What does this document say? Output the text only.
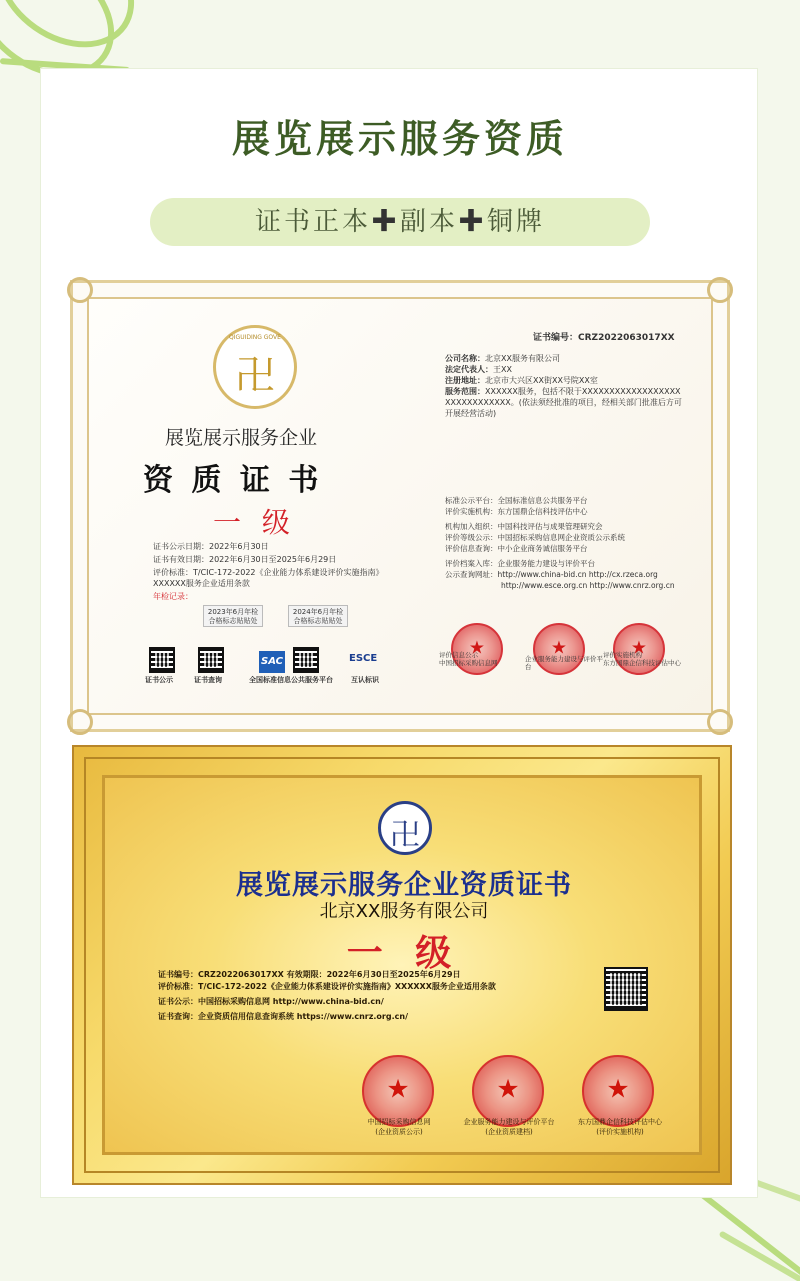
展览展示服务资质
证书正本✚副本✚铜牌
证书编号：CRZ2022063017XX
QIGUIDING GOVE
卍
展览展示服务企业
资 质 证 书
一 级
证书公示日期：2022年6月30日
证书有效日期：2022年6月30日至2025年6月29日
评价标准：T/CIC-172-2022《企业能力体系建设评价实施指南》XXXXXX服务企业适用条款
年检记录：
2023年6月年检
合格标志贴贴处
2024年6月年检
合格标志贴贴处
证书公示	证书查询
SAC
全国标准信息公共服务平台
ESCE
互认标识
公司名称：北京XX服务有限公司
法定代表人：王XX
注册地址：北京市大兴区XX街XX号院XX室
服务范围：XXXXXX服务，包括不限于XXXXXXXXXXXXXXXXXXXXXXXXXXXXXX。(依法须经批准的项目，经相关部门批准后方可开展经营活动)
标准公示平台：全国标准信息公共服务平台
评价实施机构：东方国鼎企信科技评估中心
机构加入组织：中国科技评估与成果管理研究会
评价等级公示：中国招标采购信息网企业资质公示系统
评价信息查询：中小企业商务诚信服务平台
评价档案入库：企业服务能力建设与评价平台
公示查询网址：http://www.china-bid.cn http://cx.rzeca.org
http://www.esce.org.cn http://www.cnrz.org.cn
★	★	★
评价信息公示
中国招标采购信息网	企业服务能力建设与评价平台
评价实施机构
东方国鼎企信科技评估中心
卍
展览展示服务企业资质证书
北京XX服务有限公司
一 级
证书编号：CRZ2022063017XX 有效期限：2022年6月30日至2025年6月29日
评价标准：T/CIC-172-2022《企业能力体系建设评价实施指南》XXXXXX服务企业适用条款
证书公示：中国招标采购信息网 http://www.china-bid.cn/
证书查询：企业资质信用信息查询系统 https://www.cnrz.org.cn/
★	★	★
中国招标采购信息网
(企业资质公示)
企业服务能力建设与评价平台
(企业资质建档)
东方国鼎企信科技评估中心
(评价实施机构)
